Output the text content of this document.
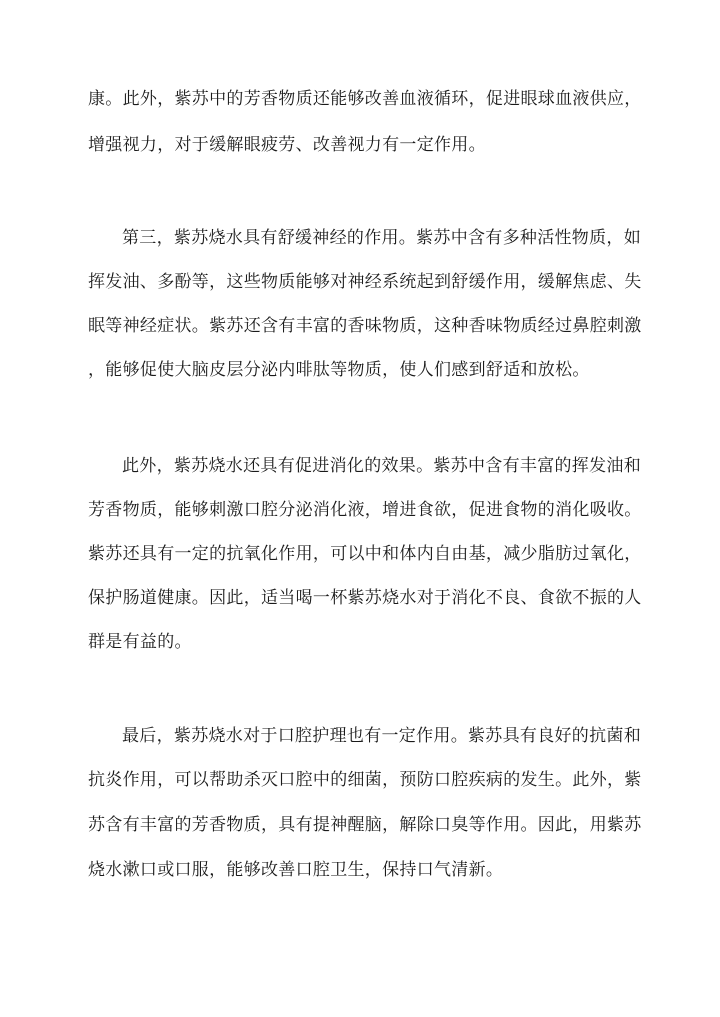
康。此外，紫苏中的芳香物质还能够改善血液循环，促进眼球血液供应，
增强视力，对于缓解眼疲劳、改善视力有一定作用。
第三，紫苏烧水具有舒缓神经的作用。紫苏中含有多种活性物质，如
挥发油、多酚等，这些物质能够对神经系统起到舒缓作用，缓解焦虑、失
眠等神经症状。紫苏还含有丰富的香味物质，这种香味物质经过鼻腔刺激
，能够促使大脑皮层分泌内啡肽等物质，使人们感到舒适和放松。
此外，紫苏烧水还具有促进消化的效果。紫苏中含有丰富的挥发油和
芳香物质，能够刺激口腔分泌消化液，增进食欲，促进食物的消化吸收。
紫苏还具有一定的抗氧化作用，可以中和体内自由基，减少脂肪过氧化，
保护肠道健康。因此，适当喝一杯紫苏烧水对于消化不良、食欲不振的人
群是有益的。
最后，紫苏烧水对于口腔护理也有一定作用。紫苏具有良好的抗菌和
抗炎作用，可以帮助杀灭口腔中的细菌，预防口腔疾病的发生。此外，紫
苏含有丰富的芳香物质，具有提神醒脑，解除口臭等作用。因此，用紫苏
烧水漱口或口服，能够改善口腔卫生，保持口气清新。
